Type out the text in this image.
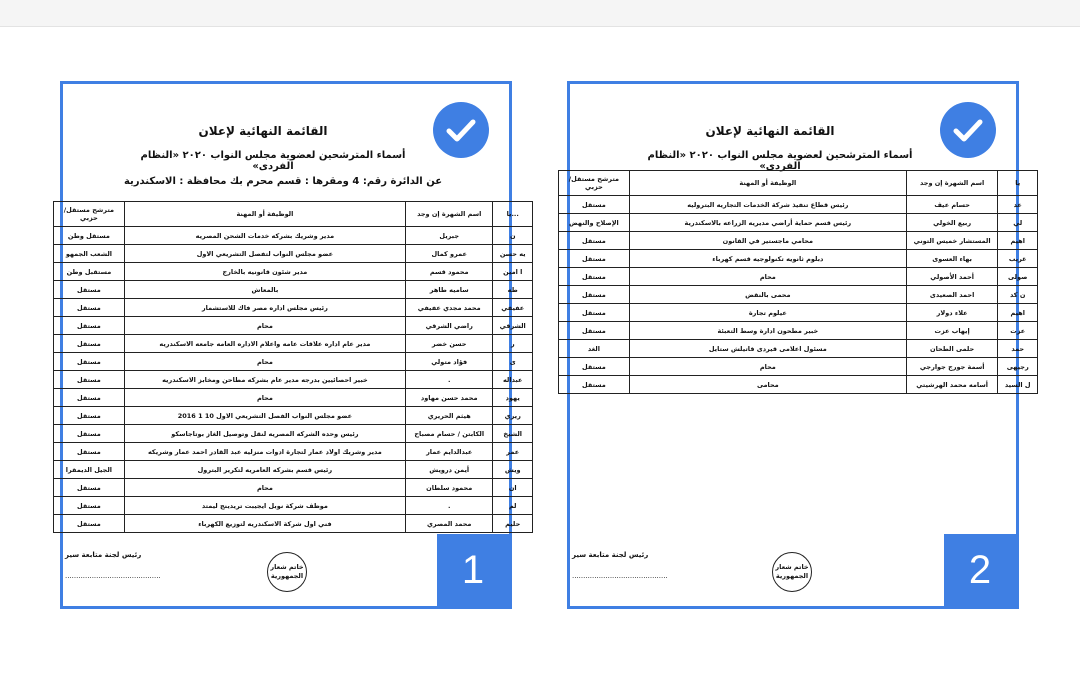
القائمة النهائية لإعلان
أسماء المترشحين لعضوية مجلس النواب ٢٠٢٠ «النظام الفردى»
عن الدائرة رقم: 4 ومقرها : قسم محرم بك محافظة : الاسكندرية
...يا	اسم الشهرة إن وجد	الوظيفة أو المهنة	مترشح مستقل/حزبي
ن	جبريل	مدير وشريك بشركه خدمات الشحن المصريه	مستقل وطن
يه حسن	عمرو كمال	عضو مجلس النواب لتفصل التشريعي الاول	الشعب الجمهو
ا امين	محمود قسم	مدير شئون قانونيه بالخارج	مستقبل وطن
طه	ساميه طاهر	بالمعاش	مستقل
عفيفي	محمد مجدي عفيفي	رئيس مجلس اداره مصر فاك للاستشمار	مستقل
الشرقي	راضي الشرقي	محام	مستقل
ر	حسن خضر	مدير عام اداره علاقات عامه واعلام الاداره العامه جامعه الاسكندريه	مستقل
ى	فؤاد متولي	محام	مستقل
عبداله	.	خبير احصائيين بدرجه مدير عام بشركه مطاحن ومخابز الاسكندريه	مستقل
يهود	محمد حسن مهاود	محام	مستقل
ريري	هيثم الحريري	عضو مجلس النواب الفصل التشريعي الاول 10 1 2016	مستقل
الشيخ	الكابتن / حسام مصباح	رئيس وحده الشركه المصريه لنقل وتوصيل الغاز بوتاجاسكو	مستقل
عمر	عبدالدايم عمار	مدير وشريك اولاد عمار لتجارة ادوات منزليه عبد القادر احمد عمار وشريكه	مستقل
ويش	أيمن درويش	رئيس قسم بشركه العامريه لتكرير البترول	الجيل الديمقرا
ان	محمود سلطان	محام	مستقل
لم	.	موظف شركة نوبل ايجيبت تريدينج ليمتد	مستقل
حليم	محمد المصري	فني اول شركة الاسكندريه لتوزيع الكهرباء	مستقل
رئيس لجنة متابعة سير
...........................................
خاتم شعار الجمهورية	1
القائمة النهائية لإعلان
أسماء المترشحين لعضوية مجلس النواب ٢٠٢٠ «النظام الفردى»
يا	اسم الشهرة إن وجد	الوظيفة أو المهنة	مترشح مستقل/حزبي
عد	حسام عيف	رئيس قطاع تنفيذ شركة الخدمات التجاريه البتروليه	مستقل
لي	ربيع الخولي	رئيس قسم حماية أراضي مديريه الزراعه بالاسكندرية	الإصلاح والنهض
اهيم	المستشار خميس التوني	محامي ماجستير في القانون	مستقل
غريب	بهاء العسوى	دبلوم ثانويه تكنولوجيه قسم كهرباء	مستقل
صولى	أحمد الأصولي	محام	مستقل
ن كد	احمد الصعيدى	محمى بالنقض	مستقل
اهيم	علاء دولار	عيلوم تجارة	مستقل
عزت	إيهاب عزت	خبير مطحون ادارة وسط التعبئة	مستقل
حمد	حلمى الطحان	مسئول اعلامى قيردى قاتيلش ستايل	الغد
رجيهى	أسمة جورج جوارجي	محام	مستقل
ل السيد	أسامه محمد الهرشيتي	محامى	مستقل
رئيس لجنة متابعة سير
...........................................
خاتم شعار الجمهورية	2
